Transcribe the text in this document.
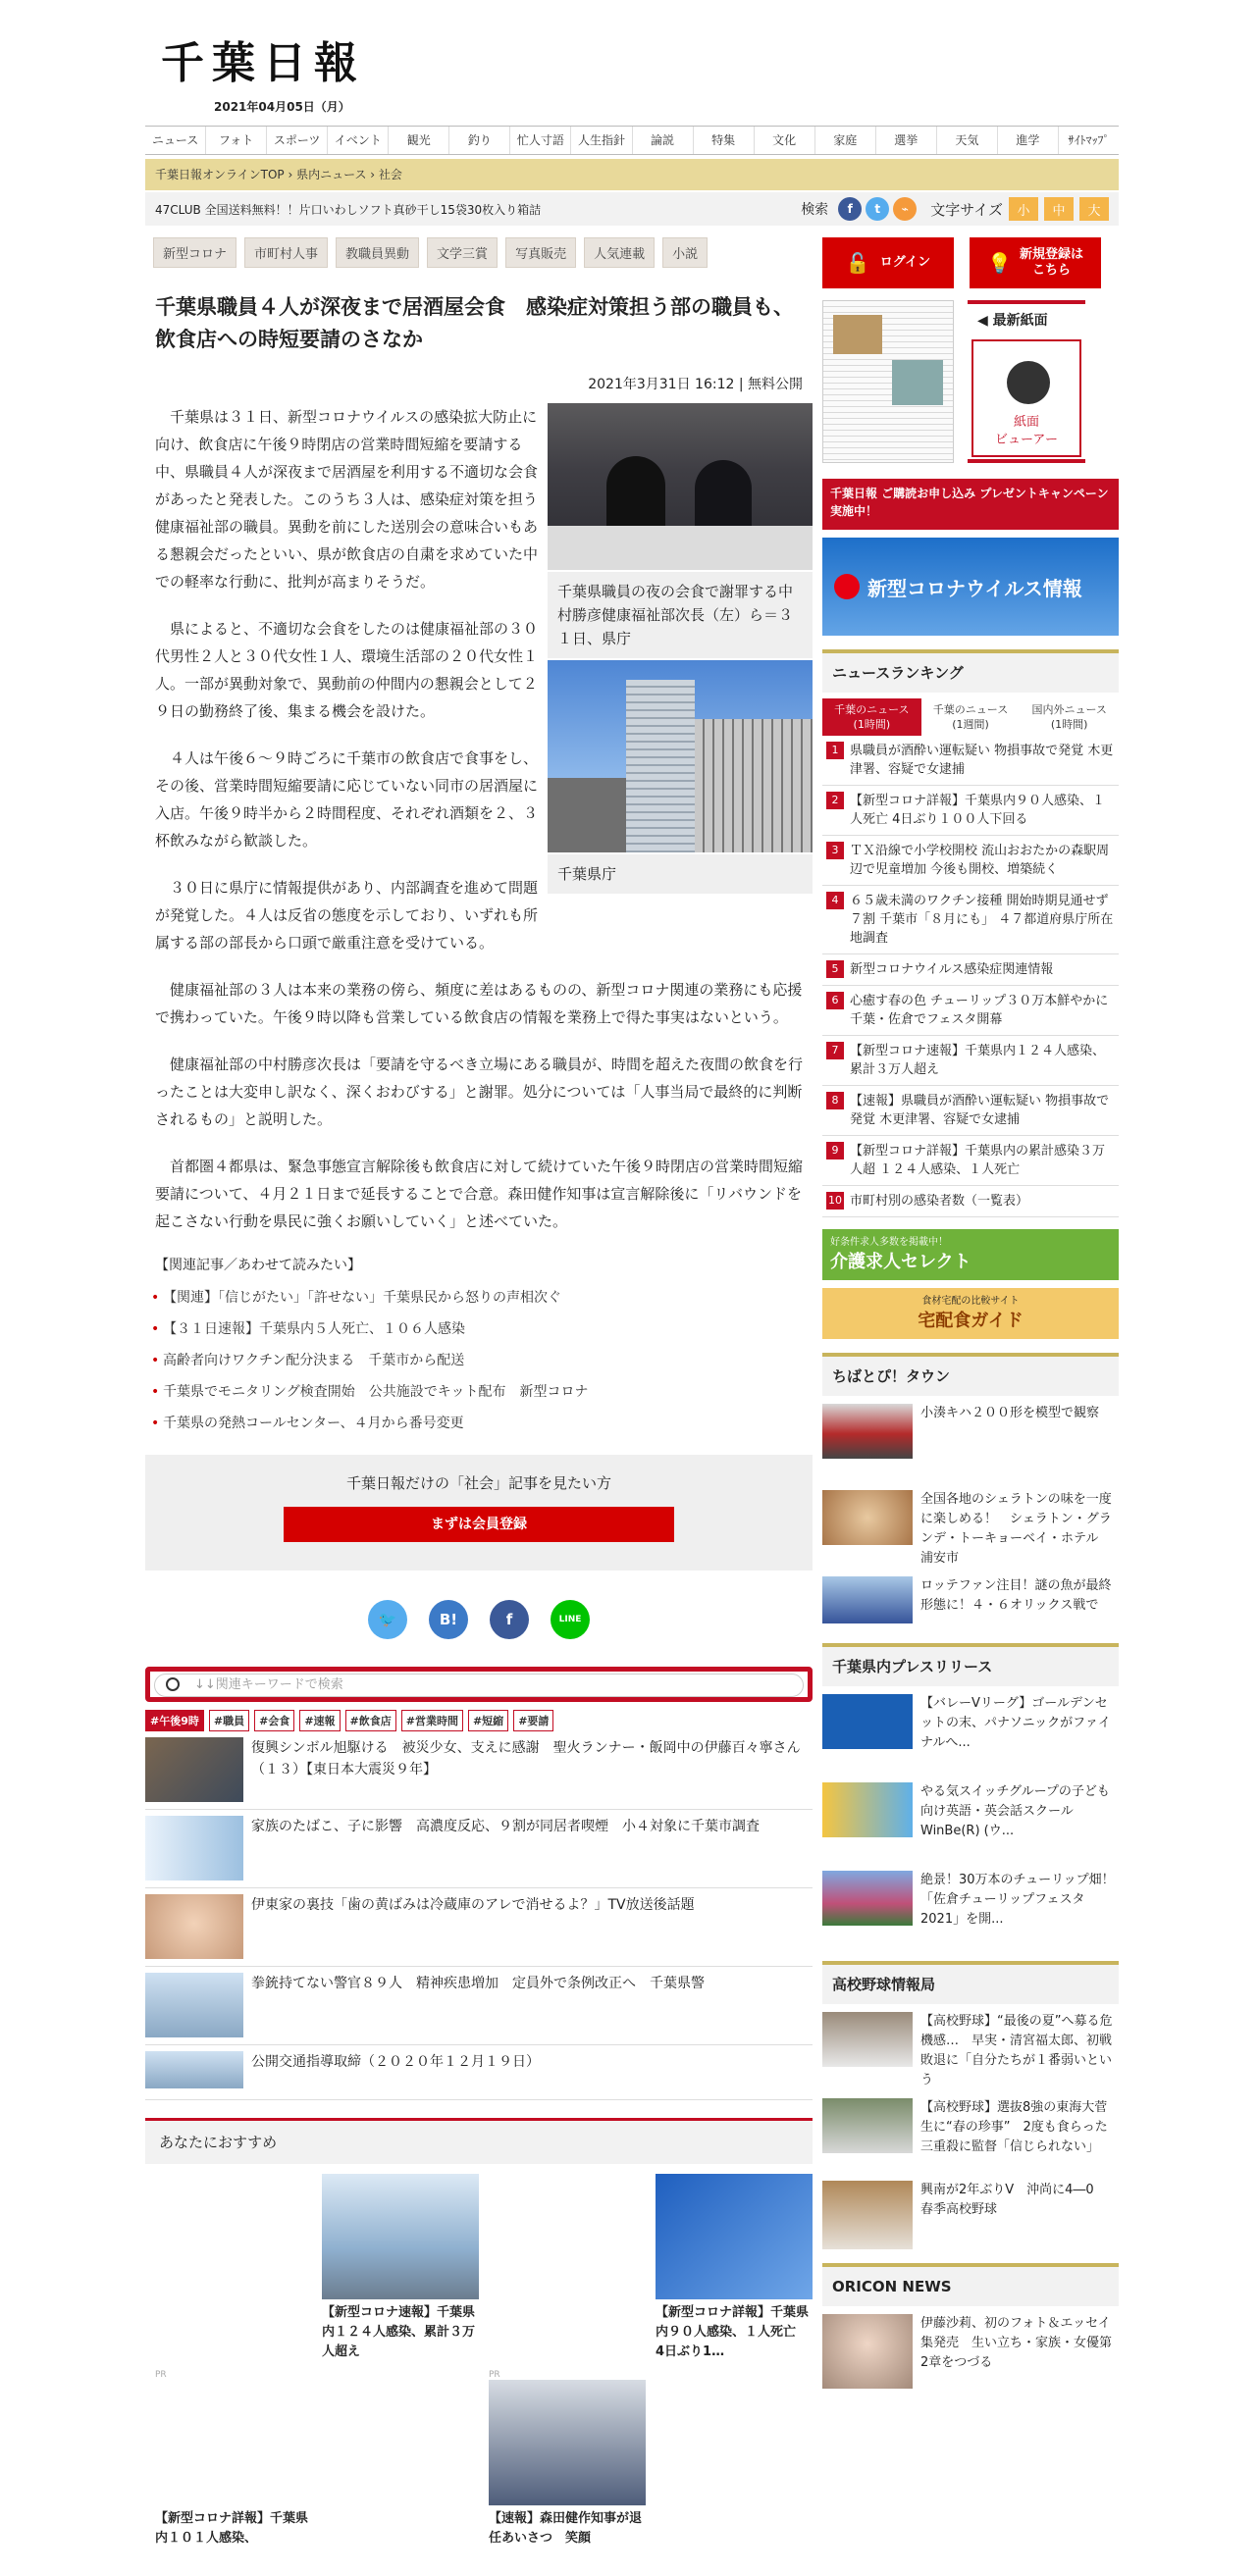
千葉日報
2021年04月05日（月）
ニュース	フォト	スポーツ	イベント	観光	釣り	忙人寸語	人生指針	論説	特集	文化	家庭	選挙	天気	進学	ｻｲﾄﾏｯﾌﾟ
千葉日報オンラインTOP › 県内ニュース › 社会
47CLUB 全国送料無料！！片口いわしソフト真砂干し15袋30枚入り箱詰	検索	f	t	⌁	文字サイズ	小	中	大
新型コロナ	市町村人事	教職員異動	文学三賞	写真販売	人気連載	小説
千葉県職員４人が深夜まで居酒屋会食　感染症対策担う部の職員も、飲食店への時短要請のさなか
2021年3月31日 16:12 | 無料公開
千葉県職員の夜の会食で謝罪する中村勝彦健康福祉部次長（左）ら＝３１日、県庁
千葉県庁

千葉県は３１日、新型コロナウイルスの感染拡大防止に向け、飲食店に午後９時閉店の営業時間短縮を要請する中、県職員４人が深夜まで居酒屋を利用する不適切な会食があったと発表した。このうち３人は、感染症対策を担う健康福祉部の職員。異動を前にした送別会の意味合いもある懇親会だったといい、県が飲食店の自粛を求めていた中での軽率な行動に、批判が高まりそうだ。

県によると、不適切な会食をしたのは健康福祉部の３０代男性２人と３０代女性１人、環境生活部の２０代女性１人。一部が異動対象で、異動前の仲間内の懇親会として２９日の勤務終了後、集まる機会を設けた。

４人は午後６～９時ごろに千葉市の飲食店で食事をし、その後、営業時間短縮要請に応じていない同市の居酒屋に入店。午後９時半から２時間程度、それぞれ酒類を２、３杯飲みながら歓談した。

３０日に県庁に情報提供があり、内部調査を進めて問題が発覚した。４人は反省の態度を示しており、いずれも所属する部の部長から口頭で厳重注意を受けている。

健康福祉部の３人は本来の業務の傍ら、頻度に差はあるものの、新型コロナ関連の業務にも応援で携わっていた。午後９時以降も営業している飲食店の情報を業務上で得た事実はないという。

健康福祉部の中村勝彦次長は「要請を守るべき立場にある職員が、時間を超えた夜間の飲食を行ったことは大変申し訳なく、深くおわびする」と謝罪。処分については「人事当局で最終的に判断されるもの」と説明した。

首都圏４都県は、緊急事態宣言解除後も飲食店に対して続けていた午後９時閉店の営業時間短縮要請について、４月２１日まで延長することで合意。森田健作知事は宣言解除後に「リバウンドを起こさない行動を県民に強くお願いしていく」と述べていた。

【関連記事／あわせて読みたい】
• 【関連】「信じがたい」「許せない」千葉県民から怒りの声相次ぐ
• 【３１日速報】千葉県内５人死亡、１０６人感染
• 高齢者向けワクチン配分決まる　千葉市から配送
• 千葉県でモニタリング検査開始　公共施設でキット配布　新型コロナ
• 千葉県の発熱コールセンター、４月から番号変更
千葉日報だけの「社会」記事を見たい方
まずは会員登録
🐦	B!	f	LINE
↓↓関連キーワードで検索
#午後9時	#職員	#会食	#速報	#飲食店	#営業時間	#短縮	#要請
復興シンボル旭駆ける　被災少女、支えに感謝　聖火ランナー・飯岡中の伊藤百々寧さん（１３）【東日本大震災９年】
家族のたばこ、子に影響　高濃度反応、９割が同居者喫煙　小４対象に千葉市調査
伊東家の裏技「歯の黄ばみは冷蔵庫のアレで消せるよ？」TV放送後話題
拳銃持てない警官８９人　精神疾患増加　定員外で条例改正へ　千葉県警
公開交通指導取締（２０２０年１２月１９日）
あなたにおすすめ
【新型コロナ速報】千葉県内１２４人感染、累計３万人超え
【新型コロナ詳報】千葉県内９０人感染、１人死亡　4日ぶり1…
PR	PR
【新型コロナ詳報】千葉県内１０１人感染、
【速報】森田健作知事が退任あいさつ　笑顔
🔓 ログイン	💡 新規登録は
こちら
◀ 最新紙面
紙面
ビューアー
千葉日報 ご購読お申し込み プレゼントキャンペーン実施中！
新型コロナウイルス情報
ニュースランキング
千葉のニュース
(1時間)
千葉のニュース
(1週間)
国内外ニュース
(1時間)
1 県職員が酒酔い運転疑い 物損事故で発覚 木更津署、容疑で女逮捕
2 【新型コロナ詳報】千葉県内９０人感染、１人死亡 4日ぶり１００人下回る
3 ＴＸ沿線で小学校開校 流山おおたかの森駅周辺で児童増加 今後も開校、増築続く
4 ６５歳未満のワクチン接種 開始時期見通せず７割 千葉市「８月にも」 ４７都道府県庁所在地調査
5 新型コロナウイルス感染症関連情報
6 心癒す春の色 チューリップ３０万本鮮やかに 千葉・佐倉でフェスタ開幕
7 【新型コロナ速報】千葉県内１２４人感染、累計３万人超え
8 【速報】県職員が酒酔い運転疑い 物損事故で発覚 木更津署、容疑で女逮捕
9 【新型コロナ詳報】千葉県内の累計感染３万人超 １２４人感染、１人死亡
10 市町村別の感染者数（一覧表）
好条件求人多数を掲載中！
介護求人セレクト
食材宅配の比較サイト
宅配食ガイド
ちばとぴ！タウン
小湊キハ２００形を模型で観察
全国各地のシェラトンの味を一度に楽しめる！　シェラトン・グランデ・トーキョーベイ・ホテル　浦安市
ロッテファン注目！謎の魚が最終形態に！４・６オリックス戦で
千葉県内プレスリリース
【バレーVリーグ】ゴールデンセットの末、パナソニックがファイナルへ...
やる気スイッチグループの子ども向け英語・英会話スクールWinBe(R) (ウ...
絶景！30万本のチューリップ畑！「佐倉チューリップフェスタ2021」を開...
高校野球情報局
【高校野球】“最後の夏”へ募る危機感…　早実・清宮福太郎、初戦敗退に「自分たちが１番弱いという
【高校野球】選抜8強の東海大菅生に“春の珍事”　2度も食らった三重殺に監督「信じられない」
興南が2年ぶりV　沖尚に4―0　春季高校野球
ORICON NEWS
伊藤沙莉、初のフォト＆エッセイ集発売　生い立ち・家族・女優第2章をつづる
